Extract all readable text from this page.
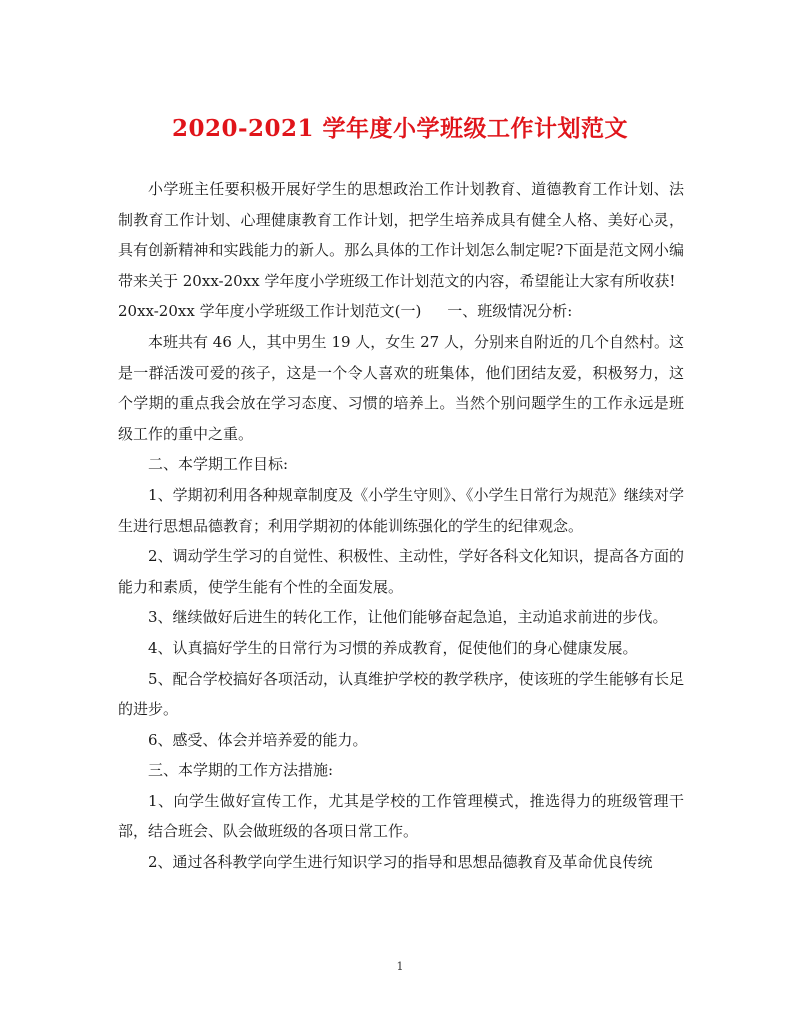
2020-2021 学年度小学班级工作计划范文

小学班主任要积极开展好学生的思想政治工作计划教育、道德教育工作计划、法制教育工作计划、心理健康教育工作计划，把学生培养成具有健全人格、美好心灵，具有创新精神和实践能力的新人。那么具体的工作计划怎么制定呢?下面是范文网小编带来关于 20xx-20xx 学年度小学班级工作计划范文的内容，希望能让大家有所收获!

20xx-20xx 学年度小学班级工作计划范文(一) 一、班级情况分析:

本班共有 46 人，其中男生 19 人，女生 27 人，分别来自附近的几个自然村。这是一群活泼可爱的孩子，这是一个令人喜欢的班集体，他们团结友爱，积极努力，这个学期的重点我会放在学习态度、习惯的培养上。当然个别问题学生的工作永远是班级工作的重中之重。

二、本学期工作目标:

1、学期初利用各种规章制度及《小学生守则》、《小学生日常行为规范》继续对学生进行思想品德教育；利用学期初的体能训练强化的学生的纪律观念。

2、调动学生学习的自觉性、积极性、主动性，学好各科文化知识，提高各方面的能力和素质，使学生能有个性的全面发展。

3、继续做好后进生的转化工作，让他们能够奋起急追，主动追求前进的步伐。

4、认真搞好学生的日常行为习惯的养成教育，促使他们的身心健康发展。

5、配合学校搞好各项活动，认真维护学校的教学秩序，使该班的学生能够有长足的进步。

6、感受、体会并培养爱的能力。

三、本学期的工作方法措施:

1、向学生做好宣传工作，尤其是学校的工作管理模式，推选得力的班级管理干部，结合班会、队会做班级的各项日常工作。

2、通过各科教学向学生进行知识学习的指导和思想品德教育及革命优良传统

1
